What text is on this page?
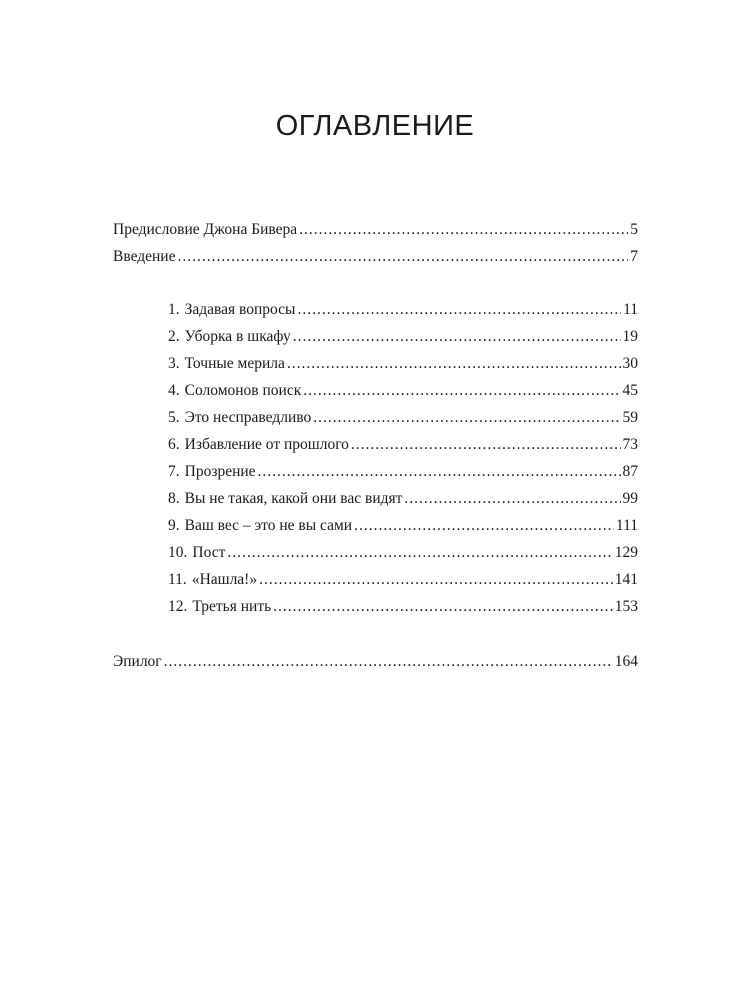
ОГЛАВЛЕНИЕ
Предисловие Джона Бивера .....	5
Введение .....	7
1. Задавая вопросы .....	11
2. Уборка в шкафу .....	19
3. Точные мерила .....	30
4. Соломонов поиск .....	45
5. Это несправедливо .....	59
6. Избавление от прошлого .....	73
7. Прозрение .....	87
8. Вы не такая, какой они вас видят .....	99
9. Ваш вес – это не вы сами .....	111
10. Пост .....	129
11. «Нашла!» .....	141
12. Третья нить .....	153
Эпилог .....	164
